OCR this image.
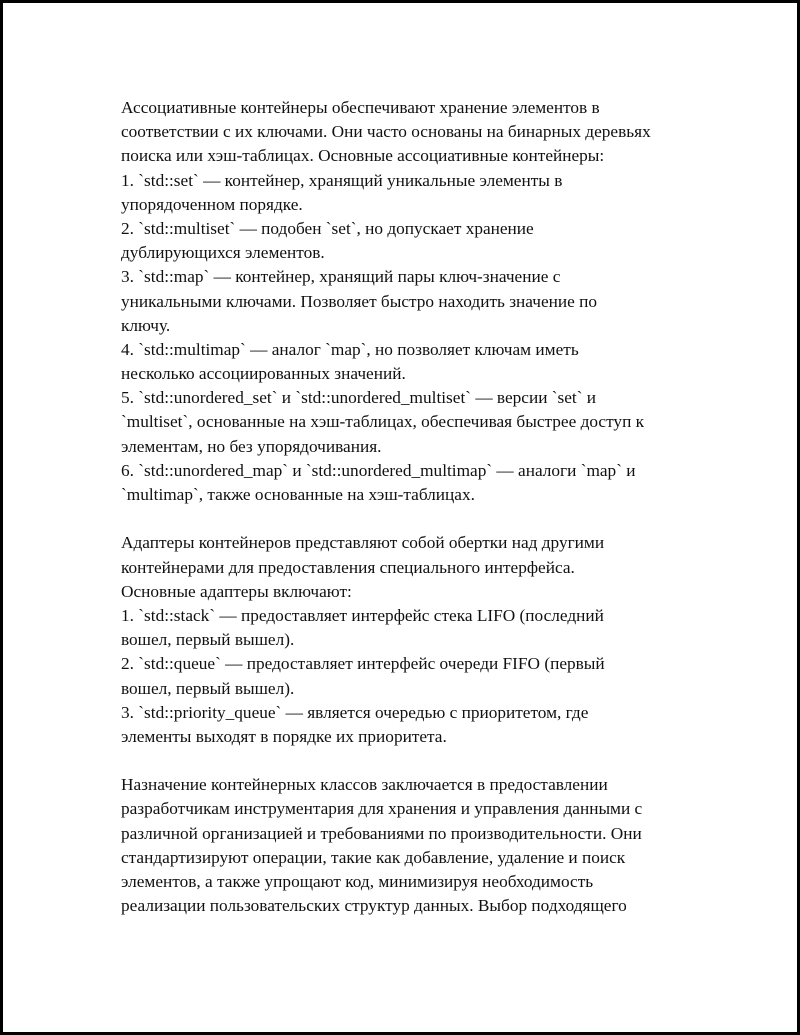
Ассоциативные контейнеры обеспечивают хранение элементов в
соответствии с их ключами. Они часто основаны на бинарных деревьях
поиска или хэш-таблицах. Основные ассоциативные контейнеры:
1. `std::set` — контейнер, хранящий уникальные элементы в
упорядоченном порядке.
2. `std::multiset` — подобен `set`, но допускает хранение
дублирующихся элементов.
3. `std::map` — контейнер, хранящий пары ключ-значение с
уникальными ключами. Позволяет быстро находить значение по
ключу.
4. `std::multimap` — аналог `map`, но позволяет ключам иметь
несколько ассоциированных значений.
5. `std::unordered_set` и `std::unordered_multiset` — версии `set` и
`multiset`, основанные на хэш-таблицах, обеспечивая быстрее доступ к
элементам, но без упорядочивания.
6. `std::unordered_map` и `std::unordered_multimap` — аналоги `map` и
`multimap`, также основанные на хэш-таблицах.
Адаптеры контейнеров представляют собой обертки над другими
контейнерами для предоставления специального интерфейса.
Основные адаптеры включают:
1. `std::stack` — предоставляет интерфейс стека LIFO (последний
вошел, первый вышел).
2. `std::queue` — предоставляет интерфейс очереди FIFO (первый
вошел, первый вышел).
3. `std::priority_queue` — является очередью с приоритетом, где
элементы выходят в порядке их приоритета.
Назначение контейнерных классов заключается в предоставлении
разработчикам инструментария для хранения и управления данными с
различной организацией и требованиями по производительности. Они
стандартизируют операции, такие как добавление, удаление и поиск
элементов, а также упрощают код, минимизируя необходимость
реализации пользовательских структур данных. Выбор подходящего
